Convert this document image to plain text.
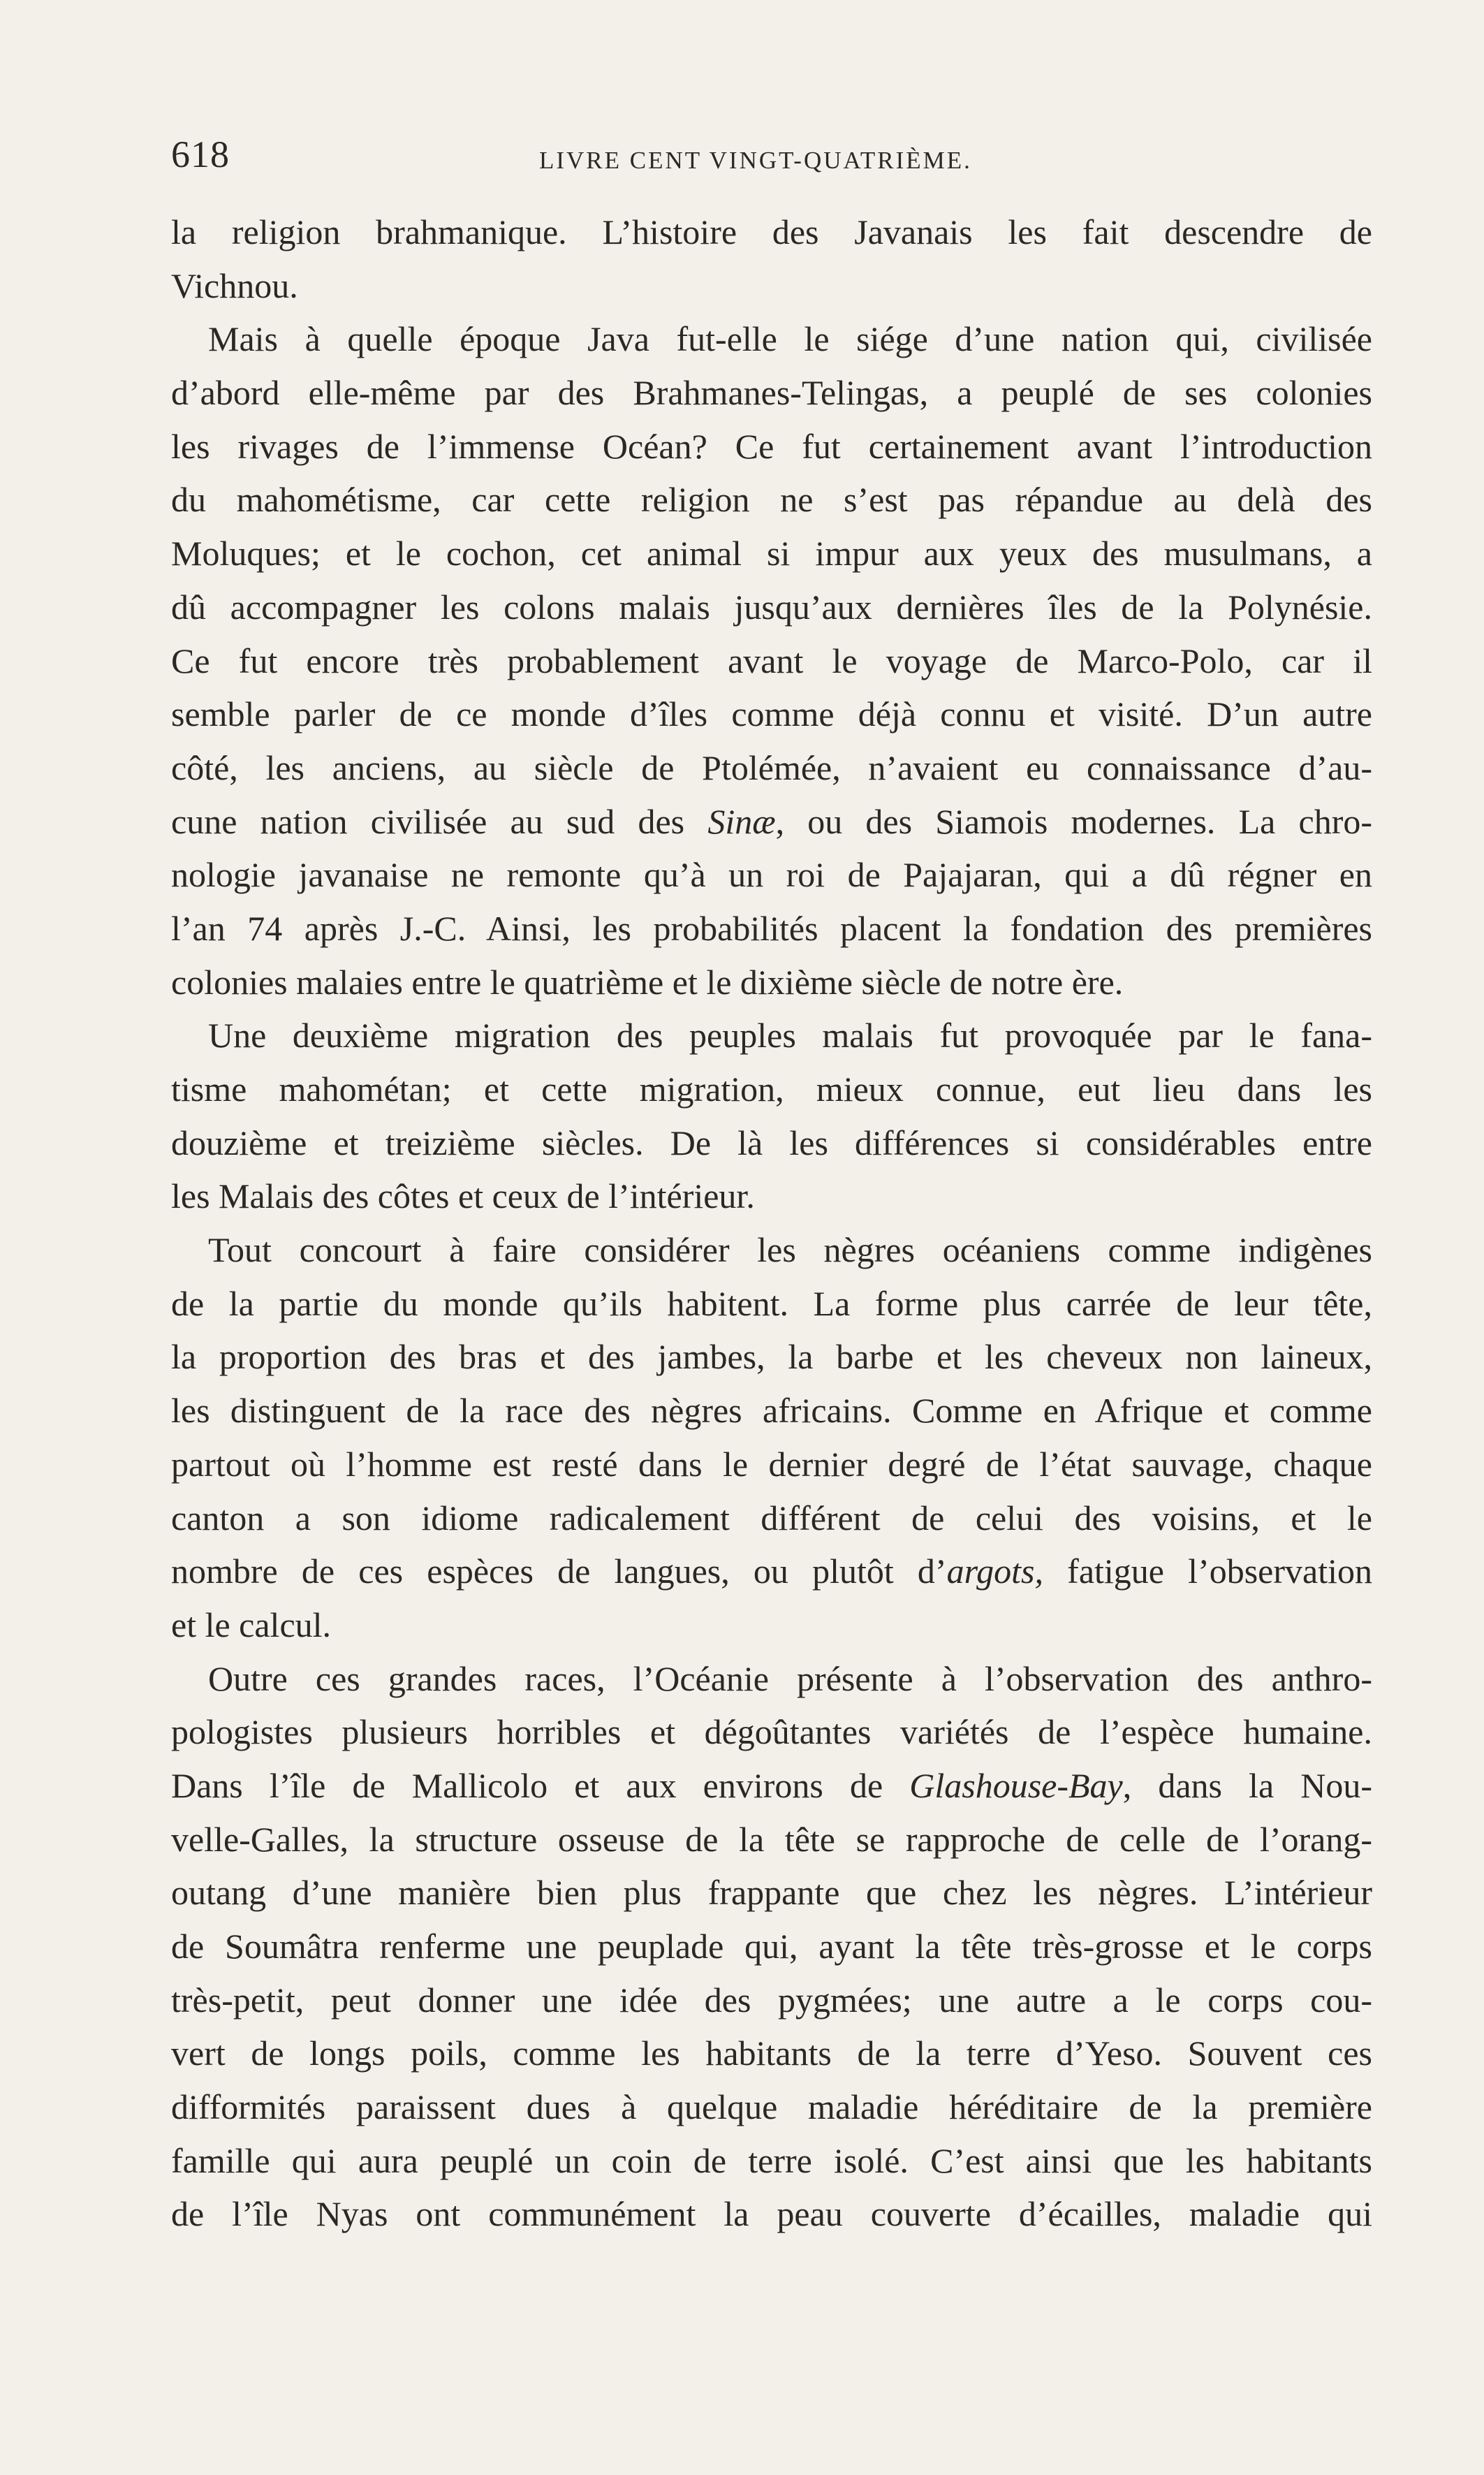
618	LIVRE CENT VINGT-QUATRIÈME.
la religion brahmanique. L’histoire des Javanais les fait descendre de
Vichnou.
Mais à quelle époque Java fut-elle le siége d’une nation qui, civilisée
d’abord elle-même par des Brahmanes-Telingas, a peuplé de ses colonies
les rivages de l’immense Océan? Ce fut certainement avant l’introduction
du mahométisme, car cette religion ne s’est pas répandue au delà des
Moluques; et le cochon, cet animal si impur aux yeux des musulmans, a
dû accompagner les colons malais jusqu’aux dernières îles de la Polynésie.
Ce fut encore très probablement avant le voyage de Marco-Polo, car il
semble parler de ce monde d’îles comme déjà connu et visité. D’un autre
côté, les anciens, au siècle de Ptolémée, n’avaient eu connaissance d’au-
cune nation civilisée au sud des Sinæ, ou des Siamois modernes. La chro-
nologie javanaise ne remonte qu’à un roi de Pajajaran, qui a dû régner en
l’an 74 après J.-C. Ainsi, les probabilités placent la fondation des premières
colonies malaies entre le quatrième et le dixième siècle de notre ère.
Une deuxième migration des peuples malais fut provoquée par le fana-
tisme mahométan; et cette migration, mieux connue, eut lieu dans les
douzième et treizième siècles. De là les différences si considérables entre
les Malais des côtes et ceux de l’intérieur.
Tout concourt à faire considérer les nègres océaniens comme indigènes
de la partie du monde qu’ils habitent. La forme plus carrée de leur tête,
la proportion des bras et des jambes, la barbe et les cheveux non laineux,
les distinguent de la race des nègres africains. Comme en Afrique et comme
partout où l’homme est resté dans le dernier degré de l’état sauvage, chaque
canton a son idiome radicalement différent de celui des voisins, et le
nombre de ces espèces de langues, ou plutôt d’argots, fatigue l’observation
et le calcul.
Outre ces grandes races, l’Océanie présente à l’observation des anthro-
pologistes plusieurs horribles et dégoûtantes variétés de l’espèce humaine.
Dans l’île de Mallicolo et aux environs de Glashouse-Bay, dans la Nou-
velle-Galles, la structure osseuse de la tête se rapproche de celle de l’orang-
outang d’une manière bien plus frappante que chez les nègres. L’intérieur
de Soumâtra renferme une peuplade qui, ayant la tête très-grosse et le corps
très-petit, peut donner une idée des pygmées; une autre a le corps cou-
vert de longs poils, comme les habitants de la terre d’Yeso. Souvent ces
difformités paraissent dues à quelque maladie héréditaire de la première
famille qui aura peuplé un coin de terre isolé. C’est ainsi que les habitants
de l’île Nyas ont communément la peau couverte d’écailles, maladie qui
